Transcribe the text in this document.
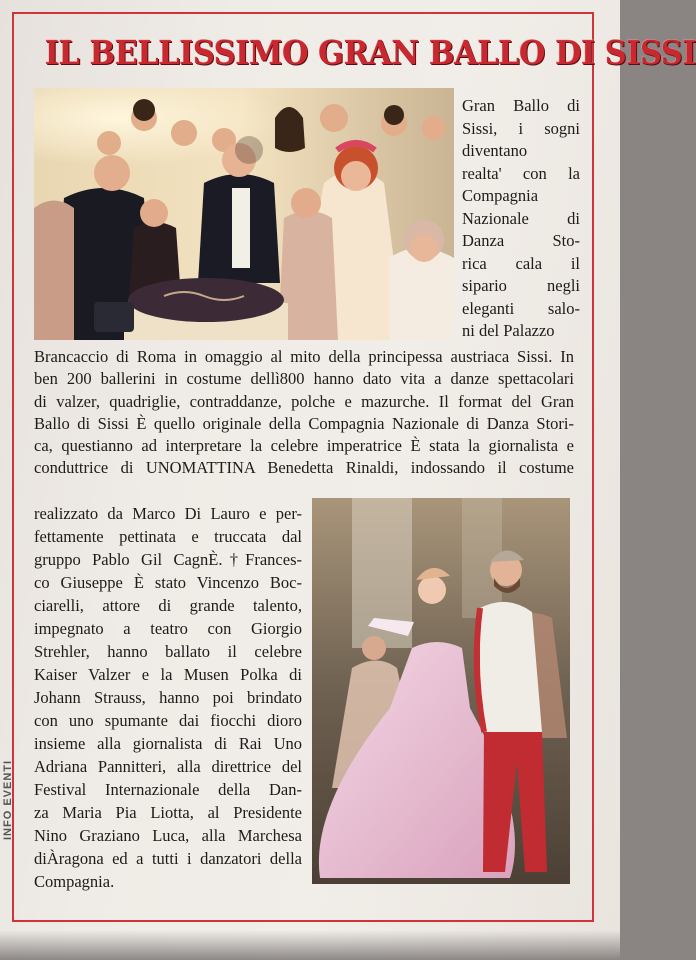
IL BELLISSIMO GRAN BALLO DI SISSI
Gran Ballo di
Sissi, i sogni
diventano
realta' con la
Compagnia
Nazionale di
Danza Sto-
rica cala il
sipario negli
eleganti salo-
ni del Palazzo
Brancaccio di Roma in omaggio al mito della principessa austriaca Sissi. In
ben 200 ballerini in costume dellì800 hanno dato vita a danze spettacolari
di valzer, quadriglie, contraddanze, polche e mazurche. Il format del Gran
Ballo di Sissi È quello originale della Compagnia Nazionale di Danza Stori-
ca, questianno ad interpretare la celebre imperatrice È stata la giornalista e
conduttrice di UNOMATTINA Benedetta Rinaldi, indossando il costume
realizzato da Marco Di Lauro e per-
fettamente pettinata e truccata dal
gruppo Pablo Gil CagnÈ.†Frances-
co Giuseppe È stato Vincenzo Boc-
ciarelli, attore di grande talento,
impegnato a teatro con Giorgio
Strehler, hanno ballato il celebre
Kaiser Valzer e la Musen Polka di
Johann Strauss, hanno poi brindato
con uno spumante dai fiocchi dioro
insieme alla giornalista di Rai Uno
Adriana Pannitteri, alla direttrice del
Festival Internazionale della Dan-
za Maria Pia Liotta, al Presidente
Nino Graziano Luca, alla Marchesa
diÀragona ed a tutti i danzatori della
Compagnia.
INFO EVENTI
